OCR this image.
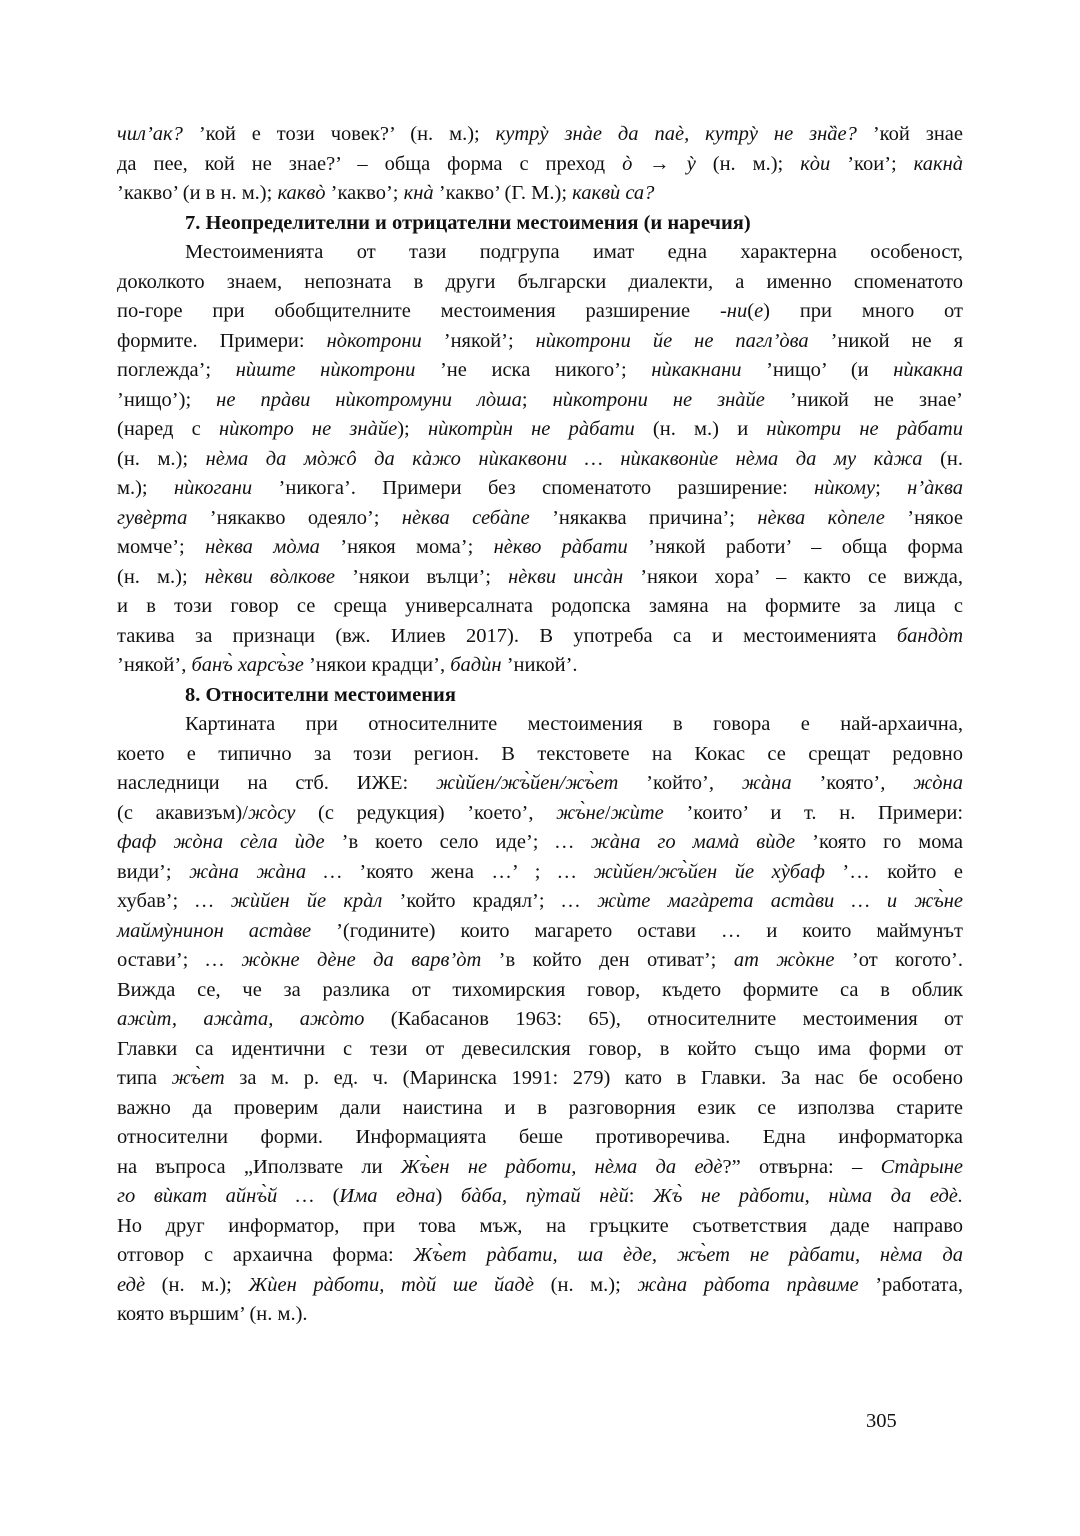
чил’ак? ’кой е този човек?’ (н. м.); кутрỳ знàе да паè, кутрỳ не знȁе? ’кой знае
да пее, кой не знае?’ – обща форма с преход ò → ỳ (н. м.); кòи ’кои’; какнà
’какво’ (и в н. м.); каквò ’какво’; кнà ’какво’ (Г. М.); каквѝ са?
7. Неопределителни и отрицателни местоимения (и наречия)
Местоименията от тази подгрупа имат една характерна особеност,
доколкото знаем, непозната в други български диалекти, а именно споменатото
по-горе при обобщителните местоимения разширение -ни(е) при много от
формите. Примери: нòкотрони ’някой’; нѝкотрони йе не пагл’òва ’никой не я
поглежда’; нѝште нѝкотрони ’не иска никого’; нѝкакнани ’нищо’ (и нѝкакна
’нищо’); не прàви нѝкотромуни лòша; нѝкотрони не знàйе ’никой не знае’
(наред с нѝкотро не знàйе); нѝкотрѝн не рàбати (н. м.) и нѝкотри не рàбати
(н. м.); нèма да мòжô да кàжо нѝкаквони … нѝкаквонѝе нèма да му кàжа (н.
м.); нѝкогани ’никога’. Примери без споменатото разширение: нѝкому; н’àква
гувèрта ’някакво одеяло’; нèква себàпе ’някаква причина’; нèква кòпеле ’някое
момче’; нèква мòма ’някоя мома’; нèкво рàбати ’някой работи’ – обща форма
(н. м.); нèкви вòлкове ’някои вълци’; нèкви инсàн ’някои хора’ – както се вижда,
и в този говор се среща универсалната родопска замяна на формите за лица с
такива за признаци (вж. Илиев 2017). В употреба са и местоименията бандòт
’някой’, банъ̀ харсъ̀зе ’някои крадци’, бадѝн ’никой’.
8. Относителни местоимения
Картината при относителните местоимения в говора е най-архаична,
което е типично за този регион. В текстовете на Кокас се срещат редовно
наследници на стб. ИЖЕ: жѝйен/жъ̀йен/жъ̀ет ’който’, жàна ’която’, жòна
(с акавизъм)/жòсу (с редукция) ’което’, жъ̀не/жѝте ’които’ и т. н. Примери:
фаф жòна сèла ѝде ’в което село иде’; … жàна го мамà вѝде ’която го мома
види’; жàна жàна … ’която жена …’ ; … жѝйен/жъ̀йен йе хỳбаф ’… който е
хубав’; … жѝйен йе крàл ’който крадял’; … жѝте магàрета астàви … и жъ̀не
маймỳнинон астàве ’(годините) които магарето остави … и които маймунът
остави’; … жòкне дèне да варв’òт ’в който ден отиват’; ат жòкне ’от когото’.
Вижда се, че за разлика от тихомирския говор, където формите са в облик
ажѝт, ажàта, ажòто (Кабасанов 1963: 65), относителните местоимения от
Главки са идентични с тези от девесилския говор, в който също има форми от
типа жъ̀ет за м. р. ед. ч. (Маринска 1991: 279) като в Главки. За нас бе особено
важно да проверим дали наистина и в разговорния език се използва старите
относителни форми. Информацията беше противоречива. Една информаторка
на въпроса „Иползвате ли Жъ̀ен не рàботи, нèма да едè?” отвърна: – Стàрыне
го вѝкат айнъ̀й … (Има една) бàба, пỳтай нèй: Жъ̀ не рàботи, нѝма да едè.
Но друг информатор, при това мъж, на гръцките съответствия даде направо
отговор с архаична форма: Жъ̀ет рàбати, ша èде, жъ̀ет не рàбати, нèма да
едè (н. м.); Жѝен рàботи, тòй ше йадè (н. м.); жàна рàбота прàвиме ’работата,
която вършим’ (н. м.).
305
